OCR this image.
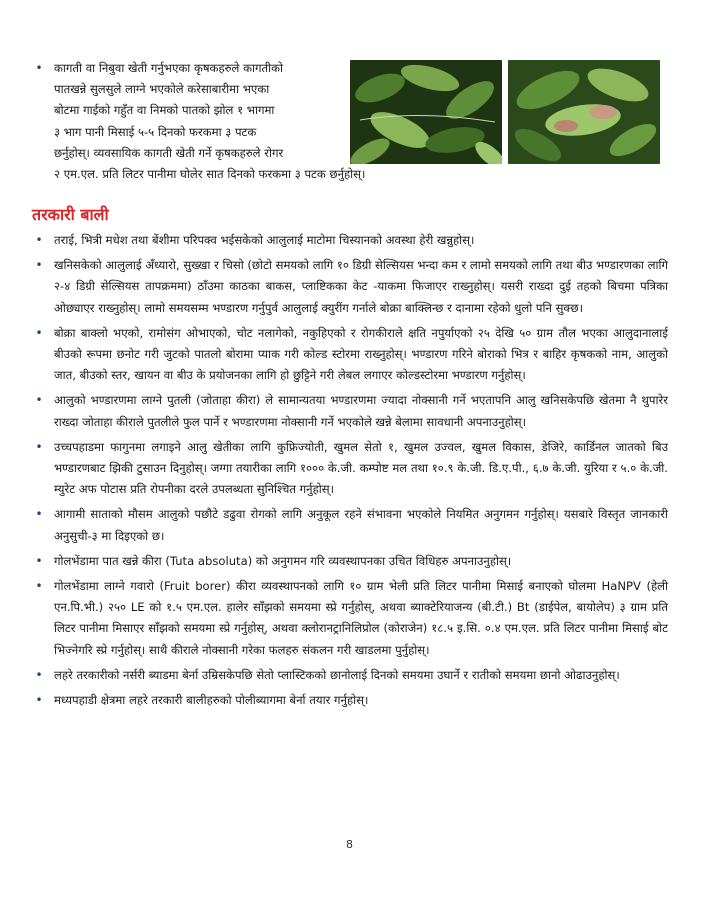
• कागती वा निबुवा खेती गर्नुभएका कृषकहरुले कागतीको
पातखन्ने सुलसुले लाग्ने भएकोले करेसाबारीमा भएका
बोटमा गाईको गहुँत वा निमको पातको झोल १ भागमा
३ भाग पानी मिसाई ५-५ दिनको फरकमा ३ पटक
छर्नुहोस्। व्यवसायिक कागती खेती गर्ने कृषकहरुले रोगर
२ एम.एल. प्रति लिटर पानीमा घोलेर सात दिनको फरकमा ३ पटक छर्नुहोस्।
तरकारी बाली
• तराई, भित्री मधेश तथा बेंशीमा परिपक्व भईसकेको आलुलाई माटोमा चिस्यानको अवस्था हेरी खन्नुहोस्।
• खनिसकेको आलुलाई अँध्यारो, सुख्खा र चिसो (छोटो समयको लागि १० डिग्री सेल्सियस भन्दा कम र लामो समयको लागि तथा बीउ भण्डारणका लागि २-४ डिग्री सेल्सियस तापक्रममा) ठाँउमा काठका बाकस, प्लाष्टिकका केट -याकमा फिजाएर राख्नुहोस्। यसरी राख्दा दुई तहको बिचमा पत्रिका ओछ्याएर राख्नुहोस्। लामो समयसम्म भण्डारण गर्नुपुर्व आलुलाई क्युरींग गर्नाले बोक्रा बाक्लिन्छ र दानामा रहेको धुलो पनि सुक्छ।
• बोक्रा बाक्लो भएको, रामोसंग ओभाएको, चोट नलागेको, नकुहिएको र रोगकीराले क्षति नपुर्याएको २५ देखि ५० ग्राम तौल भएका आलुदानालाई बीउको रूपमा छनोट गरी जुटको पातलो बोरामा प्याक गरी कोल्ड स्टोरमा राख्नुहोस्। भण्डारण गरिने बोराको भित्र र बाहिर कृषकको नाम, आलुको जात, बीउको स्तर, खायन वा बीउ के प्रयोजनका लागि हो छुट्टिने गरी लेबल लगाएर कोल्डस्टोरमा भण्डारण गर्नुहोस्।
• आलुको भण्डारणमा लाग्ने पुतली (जोताहा कीरा) ले सामान्यतया भण्डारणमा ज्यादा नोक्सानी गर्ने भएतापनि आलु खनिसकेपछि खेतमा नै थुपारेर राख्दा जोताहा कीराले पुतलीले फुल पार्ने र भण्डारणमा नोक्सानी गर्ने भएकोले खन्ने बेलामा सावधानी अपनाउनुहोस्।
• उच्चपहाडमा फागुनमा लगाइने आलु खेतीका लागि कुफ्रिज्योती, खुमल सेतो १, खुमल उज्वल, खुमल विकास, डेजिरे, कार्डिनल जातको बिउ भण्डारणबाट झिकी टुसाउन दिनुहोस्। जग्गा तयारीका लागि १००० के.जी. कम्पोष्ट मल तथा १०.९ के.जी. डि.ए.पी., ६.७ के.जी. युरिया र ५.० के.जी. म्युरेट अफ पोटास प्रति रोपनीका दरले उपलब्धता सुनिश्चित गर्नुहोस्।
• आगामी साताको मौसम आलुको पछौटे डढुवा रोगको लागि अनुकूल रहने संभावना भएकोले नियमित अनुगमन गर्नुहोस्। यसबारे विस्तृत जानकारी अनुसुची-३ मा दिइएको छ।
• गोलभेंडामा पात खन्ने कीरा (Tuta absoluta) को अनुगमन गरि व्यवस्थापनका उचित विधिहरु अपनाउनुहोस्।
• गोलभेंडामा लाग्ने गवारो (Fruit borer) कीरा व्यवस्थापनको लागि १० ग्राम भेली प्रति लिटर पानीमा मिसाई बनाएको घोलमा HaNPV (हेली एन.पि.भी.) २५० LE को १.५ एम.एल. हालेर साँझको समयमा स्प्रे गर्नुहोस्, अथवा ब्याक्टेरियाजन्य (बी.टी.) Bt (डाईपेल, बायोलेप) ३ ग्राम प्रति लिटर पानीमा मिसाएर साँझको समयमा स्प्रे गर्नुहोस्, अथवा क्लोरानट्रानिलिप्रोल (कोराजेन) १८.५ इ.सि. ०.४ एम.एल. प्रति लिटर पानीमा मिसाई बोट भिज्नेगरि स्प्रे गर्नुहोस्। साथै कीराले नोक्सानी गरेका फलहरु संकलन गरी खाडलमा पुर्नुहोस्।
• लहरे तरकारीको नर्सरी ब्याडमा बेर्ना उम्रिसकेपछि सेतो प्लास्टिकको छानोलाई दिनको समयमा उघार्ने र रातीको समयमा छानो ओढाउनुहोस्।
• मध्यपहाडी क्षेत्रमा लहरे तरकारी बालीहरुको पोलीब्यागमा बेर्ना तयार गर्नुहोस्।
8
